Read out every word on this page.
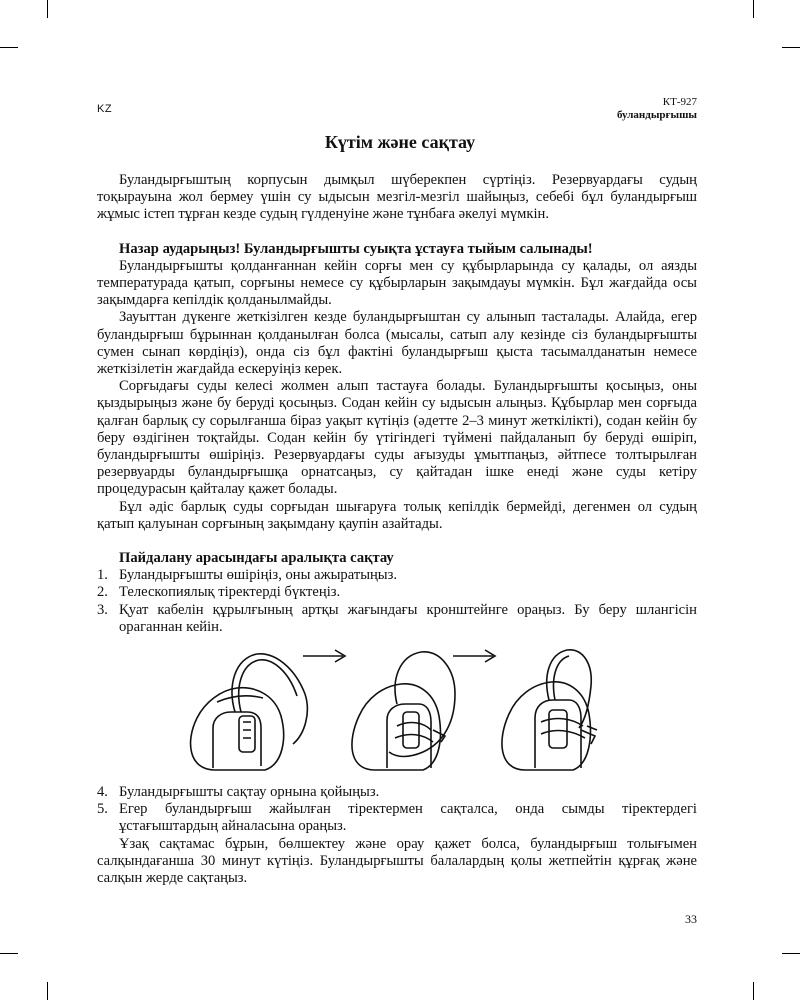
KZ
КТ-927
буландырғышы
Күтім және сақтау

Буландырғыштың корпусын дымқыл шүберекпен сүртіңіз. Резервуардағы судың тоқырауына жол бермеу үшін су ыдысын мезгіл-мезгіл шайыңыз, себебі бұл буландырғыш жұмыс істеп тұрған кезде судың гүлденуіне және тұнбаға әкелуі мүмкін.

Назар аударыңыз! Буландырғышты суықта ұстауға тыйым салынады!

Буландырғышты қолданғаннан кейін сорғы мен су құбырларында су қалады, ол аязды температурада қатып, сорғыны немесе су құбырларын зақымдауы мүмкін. Бұл жағдайда осы зақымдарға кепілдік қолданылмайды.

Зауыттан дүкенге жеткізілген кезде буландырғыштан су алынып тасталады. Алайда, егер буландырғыш бұрыннан қолданылған болса (мысалы, сатып алу кезінде сіз буландырғышты сумен сынап көрдіңіз), онда сіз бұл фактіні буландырғыш қыста тасымалданатын немесе жеткізілетін жағдайда ескеруіңіз керек.

Сорғыдағы суды келесі жолмен алып тастауға болады. Буландырғышты қосыңыз, оны қыздырыңыз және бу беруді қосыңыз. Содан кейін су ыдысын алыңыз. Құбырлар мен сорғыда қалған барлық су сорылғанша біраз уақыт күтіңіз (әдетте 2–3 минут жеткілікті), содан кейін бу беру өздігінен тоқтайды. Содан кейін бу үтігіндегі түймені пайдаланып бу беруді өшіріп, буландырғышты өшіріңіз. Резервуардағы суды ағызуды ұмытпаңыз, әйтпесе толтырылған резервуарды буландырғышқа орнатсаңыз, су қайтадан ішке енеді және суды кетіру процедурасын қайталау қажет болады.

Бұл әдіс барлық суды сорғыдан шығаруға толық кепілдік бермейді, дегенмен ол судың қатып қалуынан сорғының зақымдану қаупін азайтады.

Пайдалану арасындағы аралықта сақтау

1. Буландырғышты өшіріңіз, оны ажыратыңыз.
2. Телескопиялық тіректерді бүктеңіз.
3. Қуат кабелін құрылғының артқы жағындағы кронштейнге ораңыз. Бу беру шлангісін ораганнан кейін.
4. Буландырғышты сақтау орнына қойыңыз.
5. Егер буландырғыш жайылған тіректермен сақталса, онда сымды тіректердегі ұстағыштардың айналасына ораңыз.

Ұзақ сақтамас бұрын, бөлшектеу және орау қажет болса, буландырғыш толығымен салқындағанша 30 минут күтіңіз. Буландырғышты балалардың қолы жетпейтін құрғақ және салқын жерде сақтаңыз.

33
